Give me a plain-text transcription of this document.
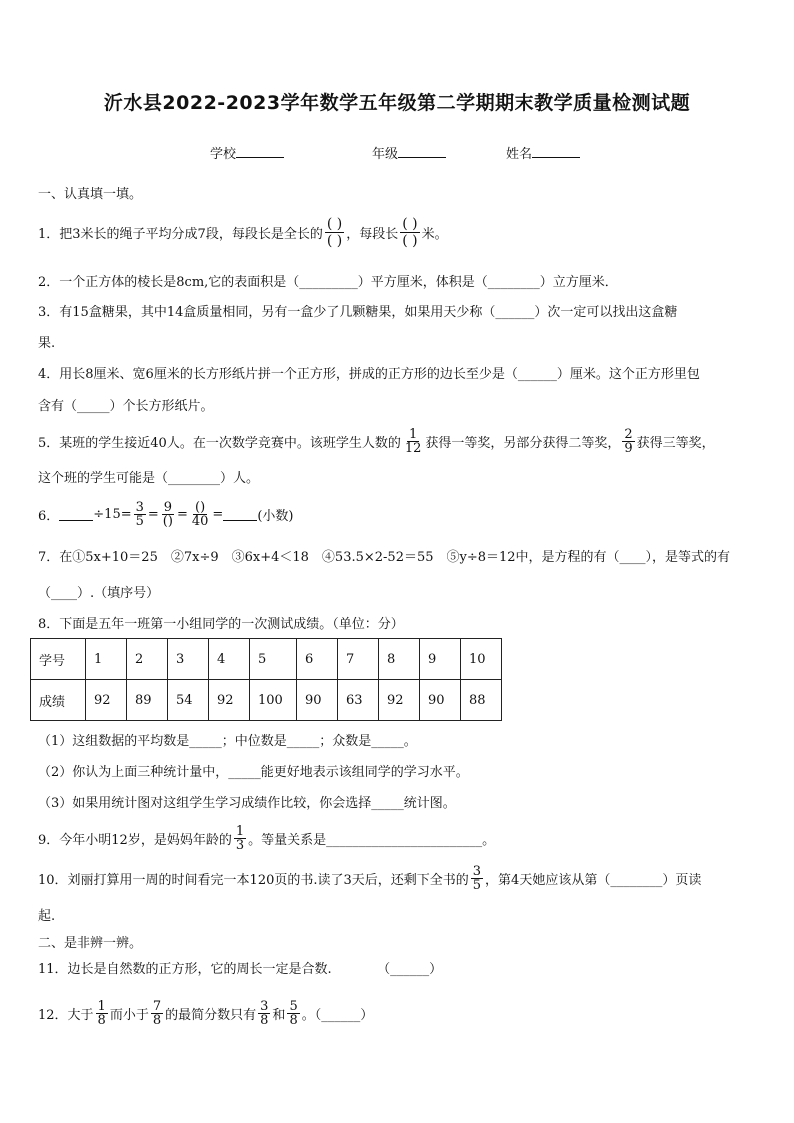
沂水县2022-2023学年数学五年级第二学期期末教学质量检测试题
学校	年级	姓名
一、认真填一填。
1．把3米长的绳子平均分成7段，每段长是全长的 $\frac{( )}{( )}$ ，每段长 $\frac{( )}{( )}$ 米。
2．一个正方体的棱长是8cm,它的表面积是（_________）平方厘米，体积是（________）立方厘米．
3．有15盒糖果，其中14盒质量相同，另有一盒少了几颗糖果，如果用天少称（______）次一定可以找出这盒糖
果.
4．用长8厘米、宽6厘米的长方形纸片拼一个正方形，拼成的正方形的边长至少是（______）厘米。这个正方形里包
含有（_____）个长方形纸片。
5．某班的学生接近40人。在一次数学竞赛中。该班学生人数的 $\frac{1}{12}$ 获得一等奖，另部分获得二等奖， $\frac{2}{9}$ 获得三等奖，
这个班的学生可能是（________）人。
6．	$\div 15= \frac{3}{5} = \frac{9}{()} = \frac{()}{40}$ =	(小数)
7．在①5x+10＝25　②7x÷9　③6x+4＜18　④53.5×2-52＝55　⑤y÷8＝12中，是方程的有（____），是等式的有
（____）.（填序号）
8．下面是五年一班第一小组同学的一次测试成绩。（单位：分）
学号	1	2	3	4	5	6	7	8	9	10
成绩	92	89	54	92	100	90	63	92	90	88
（1）这组数据的平均数是_____；中位数是_____；众数是_____。
（2）你认为上面三种统计量中，_____能更好地表示该组同学的学习水平。
（3）如果用统计图对这组学生学习成绩作比较，你会选择_____统计图。
9．今年小明12岁，是妈妈年龄的 $\frac{1}{3}$ 。等量关系是________________________。
10．刘丽打算用一周的时间看完一本120页的书.读了3天后，还剩下全书的 $\frac{3}{5}$ ，第4天她应该从第（________）页读
起.
二、是非辨一辨。
11．边长是自然数的正方形，它的周长一定是合数.　　　　（______）
12．大于 $\frac{1}{8}$ 而小于 $\frac{7}{8}$ 的最简分数只有 $\frac{3}{8}$ 和 $\frac{5}{8}$ 。（______）
